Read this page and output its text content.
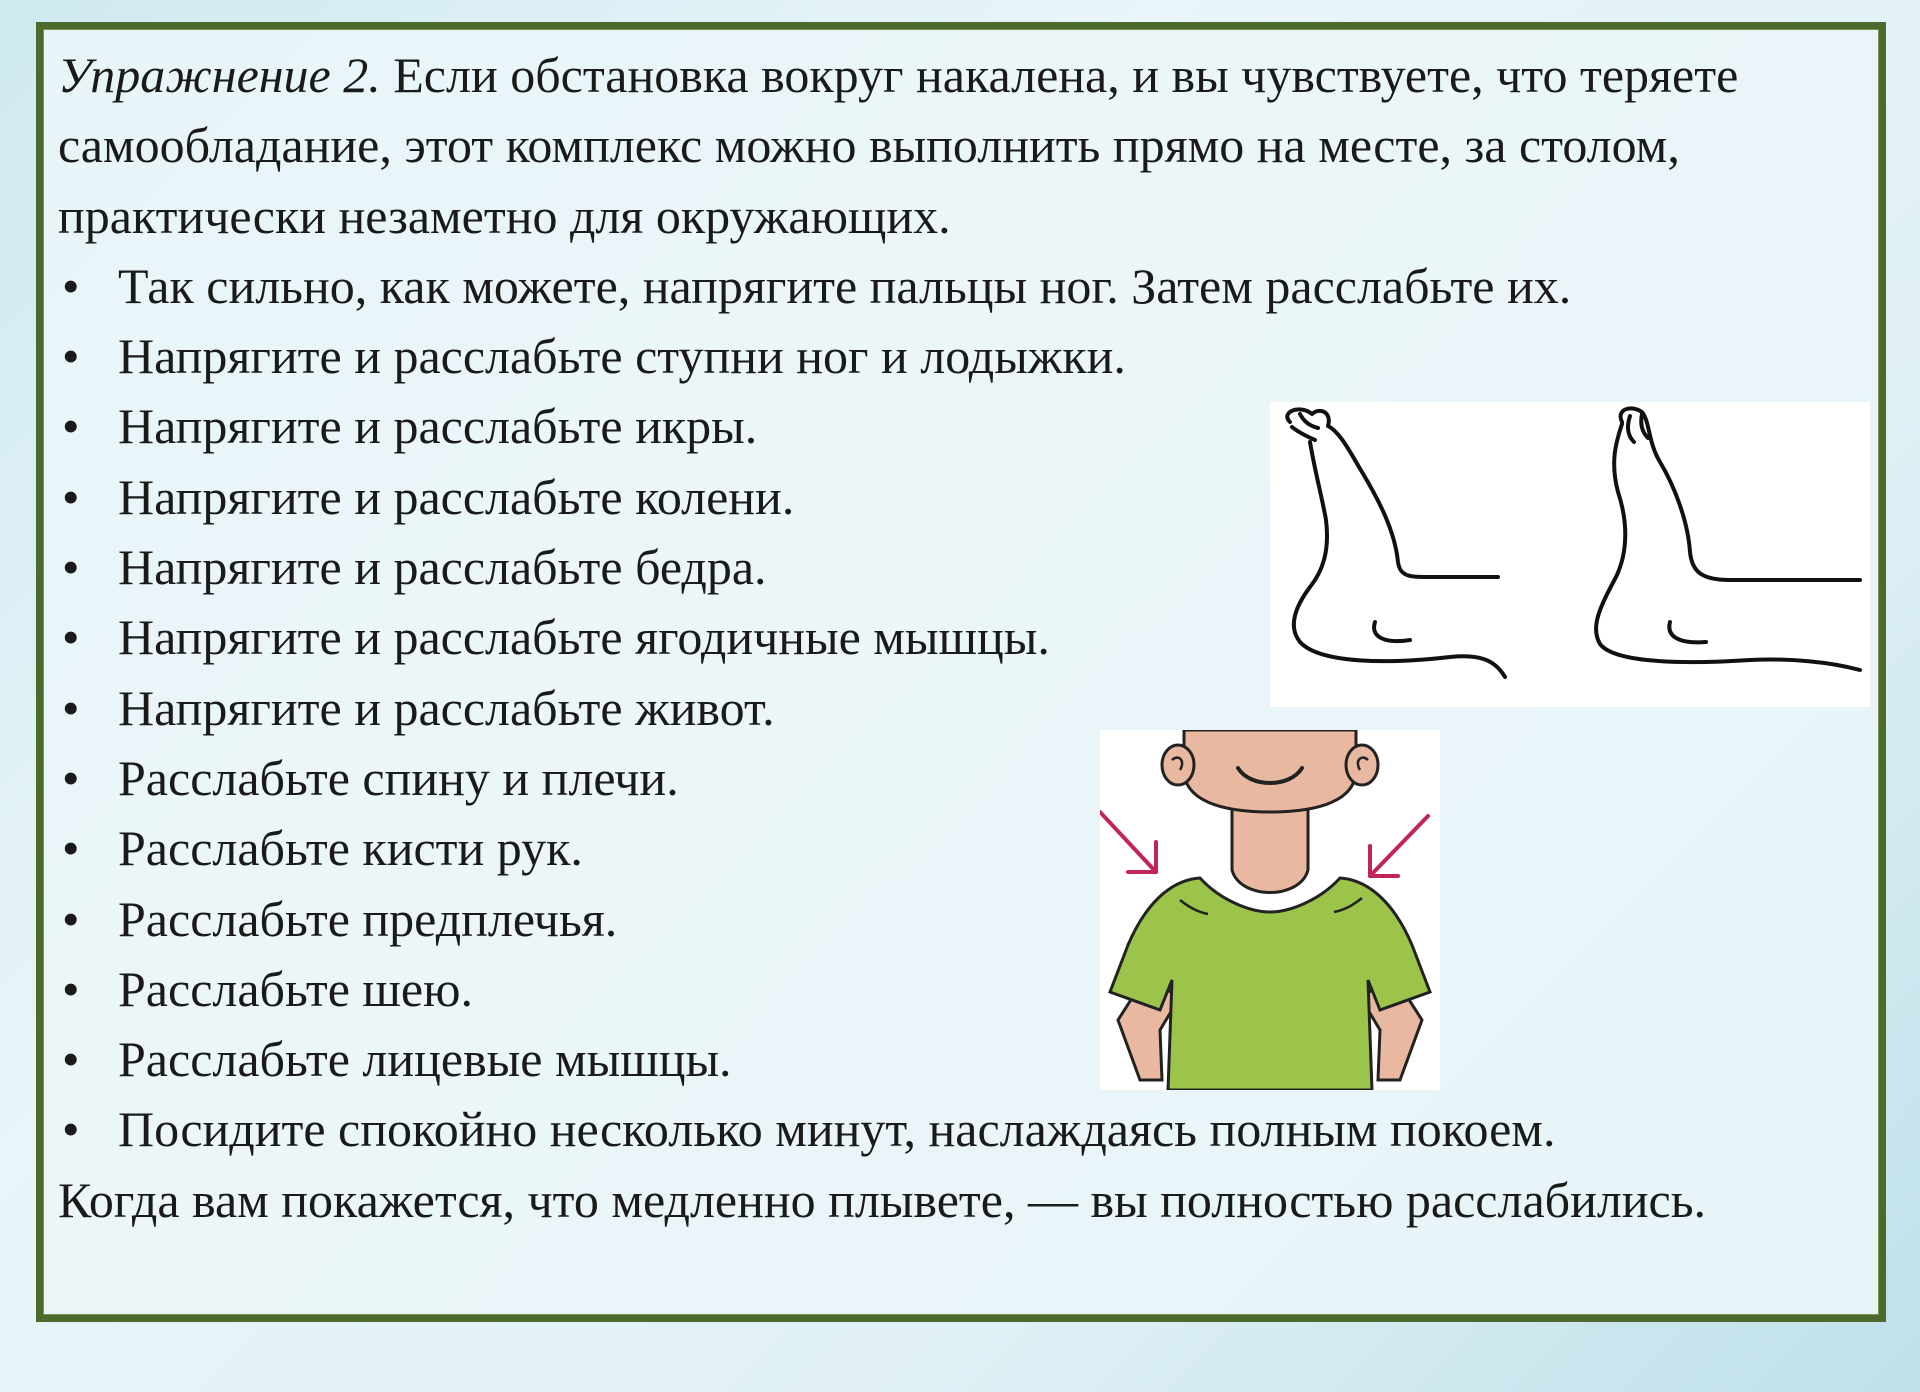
Упражнение 2. Если обстановка вокруг накалена, и вы чувствуете, что теряете самообладание, этот комплекс можно выполнить прямо на месте, за столом, практически незаметно для окружающих.

• Так сильно, как можете, напрягите пальцы ног. Затем расслабьте их.
• Напрягите и расслабьте ступни ног и лодыжки.
• Напрягите и расслабьте икры.
• Напрягите и расслабьте колени.
• Напрягите и расслабьте бедра.
• Напрягите и расслабьте ягодичные мышцы.
• Напрягите и расслабьте живот.
• Расслабьте спину и плечи.
• Расслабьте кисти рук.
• Расслабьте предплечья.
• Расслабьте шею.
• Расслабьте лицевые мышцы.
• Посидите спокойно несколько минут, наслаждаясь полным покоем.

Когда вам покажется, что медленно плывете, — вы полностью расслабились.
